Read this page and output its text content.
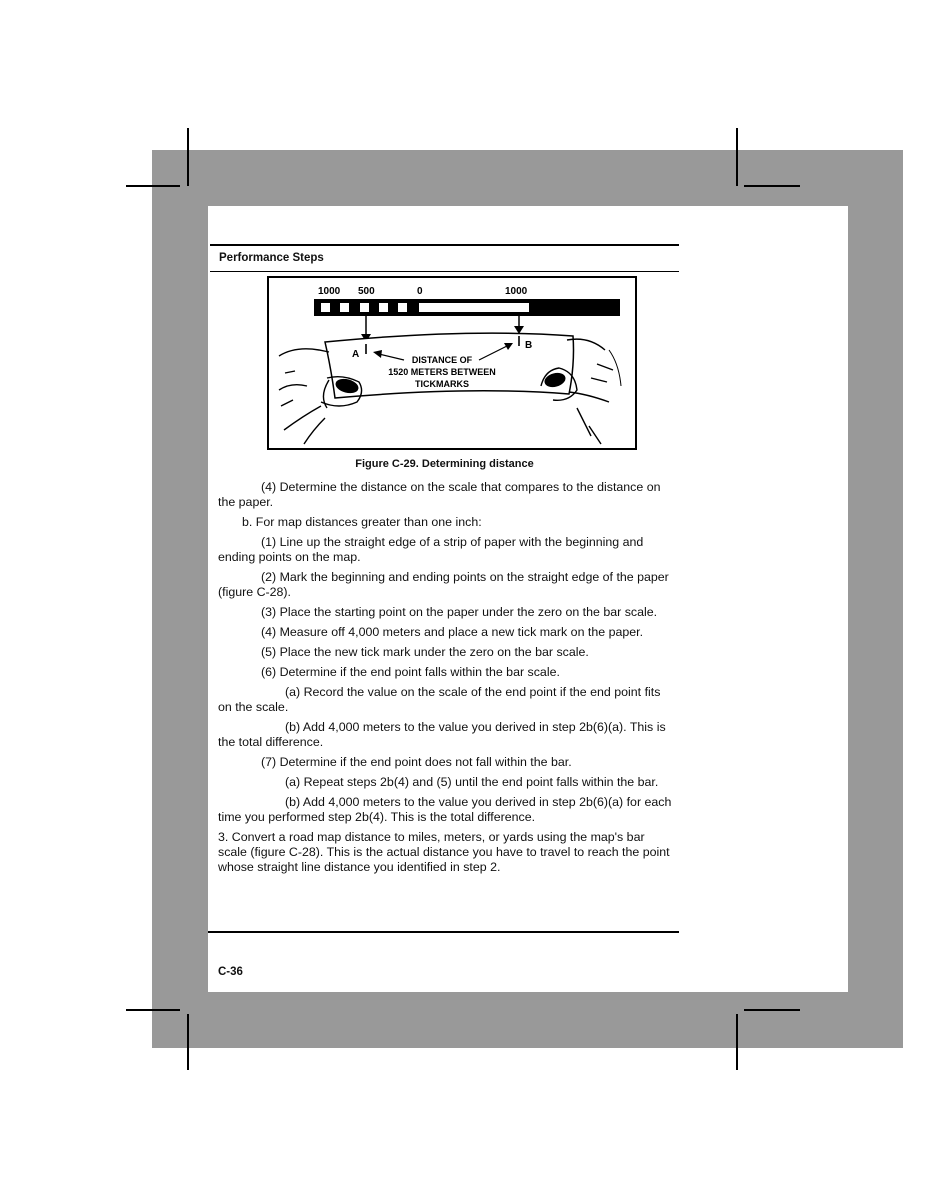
Performance Steps
1000 500	0	1000
A
B
DISTANCE OF
1520 METERS BETWEEN
TICKMARKS
Figure C-29. Determining distance

(4) Determine the distance on the scale that compares to the distance on the paper.

b. For map distances greater than one inch:

(1) Line up the straight edge of a strip of paper with the beginning and ending points on the map.

(2) Mark the beginning and ending points on the straight edge of the paper (figure C-28).

(3) Place the starting point on the paper under the zero on the bar scale.

(4) Measure off 4,000 meters and place a new tick mark on the paper.

(5) Place the new tick mark under the zero on the bar scale.

(6) Determine if the end point falls within the bar scale.

(a) Record the value on the scale of the end point if the end point fits on the scale.

(b) Add 4,000 meters to the value you derived in step 2b(6)(a). This is the total difference.

(7) Determine if the end point does not fall within the bar.

(a) Repeat steps 2b(4) and (5) until the end point falls within the bar.

(b) Add 4,000 meters to the value you derived in step 2b(6)(a) for each time you performed step 2b(4). This is the total difference.

3. Convert a road map distance to miles, meters, or yards using the map's bar scale (figure C-28). This is the actual distance you have to travel to reach the point whose straight line distance you identified in step 2.

C-36
